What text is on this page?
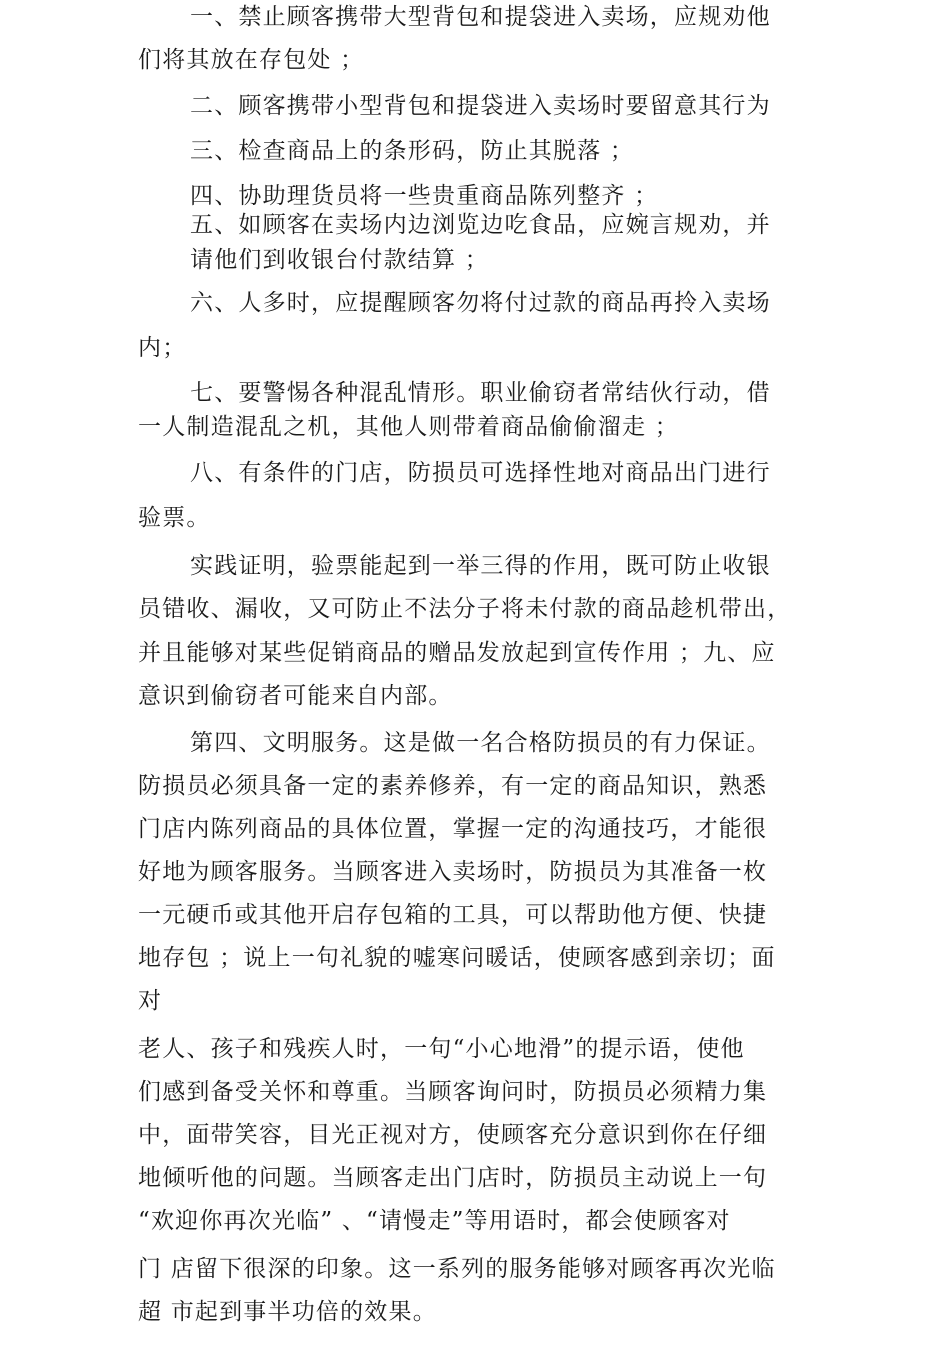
一、禁止顾客携带大型背包和提袋进入卖场，应规劝他

们将其放在存包处 ；

二、顾客携带小型背包和提袋进入卖场时要留意其行为

三、检查商品上的条形码，防止其脱落 ；

四、协助理货员将一些贵重商品陈列整齐 ；

五、如顾客在卖场内边浏览边吃食品，应婉言规劝，并

请他们到收银台付款结算 ；

六、人多时，应提醒顾客勿将付过款的商品再拎入卖场

内；

七、要警惕各种混乱情形。职业偷窃者常结伙行动，借

一人制造混乱之机，其他人则带着商品偷偷溜走 ；

八、有条件的门店，防损员可选择性地对商品出门进行

验票。

实践证明，验票能起到一举三得的作用，既可防止收银

员错收、漏收，又可防止不法分子将未付款的商品趁机带出，

并且能够对某些促销商品的赠品发放起到宣传作用 ；九、应

意识到偷窃者可能来自内部。

第四、文明服务。这是做一名合格防损员的有力保证。

防损员必须具备一定的素养修养，有一定的商品知识，熟悉

门店内陈列商品的具体位置，掌握一定的沟通技巧，才能很

好地为顾客服务。当顾客进入卖场时，防损员为其准备一枚

一元硬币或其他开启存包箱的工具，可以帮助他方便、快捷

地存包 ；说上一句礼貌的嘘寒问暖话，使顾客感到亲切；面

对

老人、孩子和残疾人时，一句“小心地滑”的提示语，使他

们感到备受关怀和尊重。当顾客询问时，防损员必须精力集

中，面带笑容，目光正视对方，使顾客充分意识到你在仔细

地倾听他的问题。当顾客走出门店时，防损员主动说上一句

“欢迎你再次光临” 、“请慢走”等用语时，都会使顾客对

门 店留下很深的印象。这一系列的服务能够对顾客再次光临

超 市起到事半功倍的效果。
